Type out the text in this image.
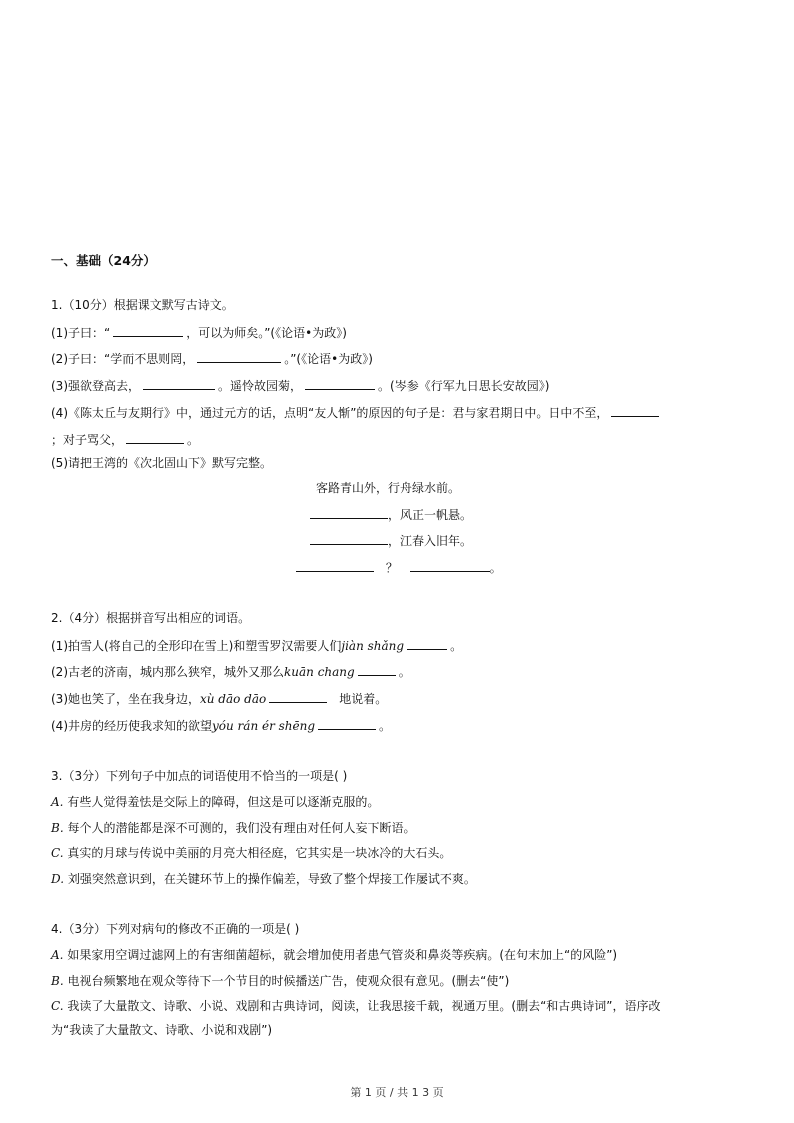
一、基础（24分）
1.（10分）根据课文默写古诗文。
(1)子曰：“	，可以为师矣。”(《论语•为政》)
(2)子曰：“学而不思则罔，	。”(《论语•为政》)
(3)强欲登高去，	。遥怜故园菊，	。(岑参《行军九日思长安故园》)
(4)《陈太丘与友期行》中，通过元方的话，点明“友人惭”的原因的句子是：君与家君期日中。日中不至，
；对子骂父，	。
(5)请把王湾的《次北固山下》默写完整。
客路青山外，行舟绿水前。
，风正一帆悬。
，江春入旧年。
？	。
2.（4分）根据拼音写出相应的词语。
(1)拍雪人(将自己的全形印在雪上)和塑雪罗汉需要人们jiàn shǎng	。
(2)古老的济南，城内那么狭窄，城外又那么kuān chang	。
(3)她也笑了，坐在我身边，xù dāo dāo	地说着。
(4)井房的经历使我求知的欲望yóu rán ér shēng	。
3.（3分）下列句子中加点的词语使用不恰当的一项是( )
A. 有些人觉得羞怯是交际上的障碍，但这是可以逐渐克服的。
B. 每个人的潜能都是深不可测的，我们没有理由对任何人妄下断语。
C. 真实的月球与传说中美丽的月亮大相径庭，它其实是一块冰冷的大石头。
D. 刘强突然意识到，在关键环节上的操作偏差，导致了整个焊接工作屡试不爽。
4.（3分）下列对病句的修改不正确的一项是( )
A. 如果家用空调过滤网上的有害细菌超标，就会增加使用者患气管炎和鼻炎等疾病。(在句末加上“的风险”)
B. 电视台频繁地在观众等待下一个节目的时候播送广告，使观众很有意见。(删去“使”)
C. 我读了大量散文、诗歌、小说、戏剧和古典诗词，阅读，让我思接千载，视通万里。(删去“和古典诗词”，语序改
为“我读了大量散文、诗歌、小说和戏剧”)
第 1 页 / 共 1 3 页
